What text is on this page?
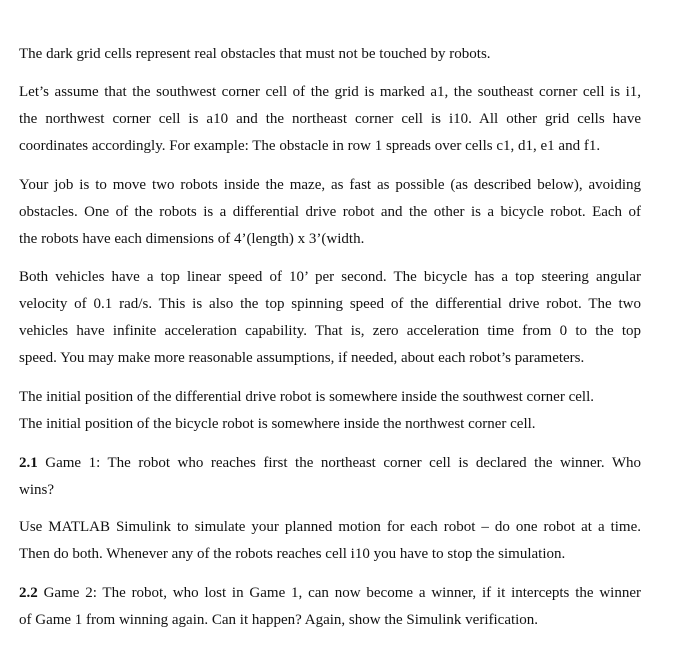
The dark grid cells represent real obstacles that must not be touched by robots.
Let’s assume that the southwest corner cell of the grid is marked a1, the southeast corner cell is i1,
the northwest corner cell is a10 and the northeast corner cell is i10. All other grid cells have
coordinates accordingly. For example: The obstacle in row 1 spreads over cells c1, d1, e1 and f1.
Your job is to move two robots inside the maze, as fast as possible (as described below), avoiding
obstacles. One of the robots is a differential drive robot and the other is a bicycle robot. Each of
the robots have each dimensions of 4’(length) x 3’(width.
Both vehicles have a top linear speed of 10’ per second. The bicycle has a top steering angular
velocity of 0.1 rad/s. This is also the top spinning speed of the differential drive robot. The two
vehicles have infinite acceleration capability. That is, zero acceleration time from 0 to the top
speed. You may make more reasonable assumptions, if needed, about each robot’s parameters.
The initial position of the differential drive robot is somewhere inside the southwest corner cell.
The initial position of the bicycle robot is somewhere inside the northwest corner cell.
2.1 Game 1: The robot who reaches first the northeast corner cell is declared the winner. Who
wins?
Use MATLAB Simulink to simulate your planned motion for each robot – do one robot at a time.
Then do both. Whenever any of the robots reaches cell i10 you have to stop the simulation.
2.2 Game 2: The robot, who lost in Game 1, can now become a winner, if it intercepts the winner
of Game 1 from winning again. Can it happen? Again, show the Simulink verification.
